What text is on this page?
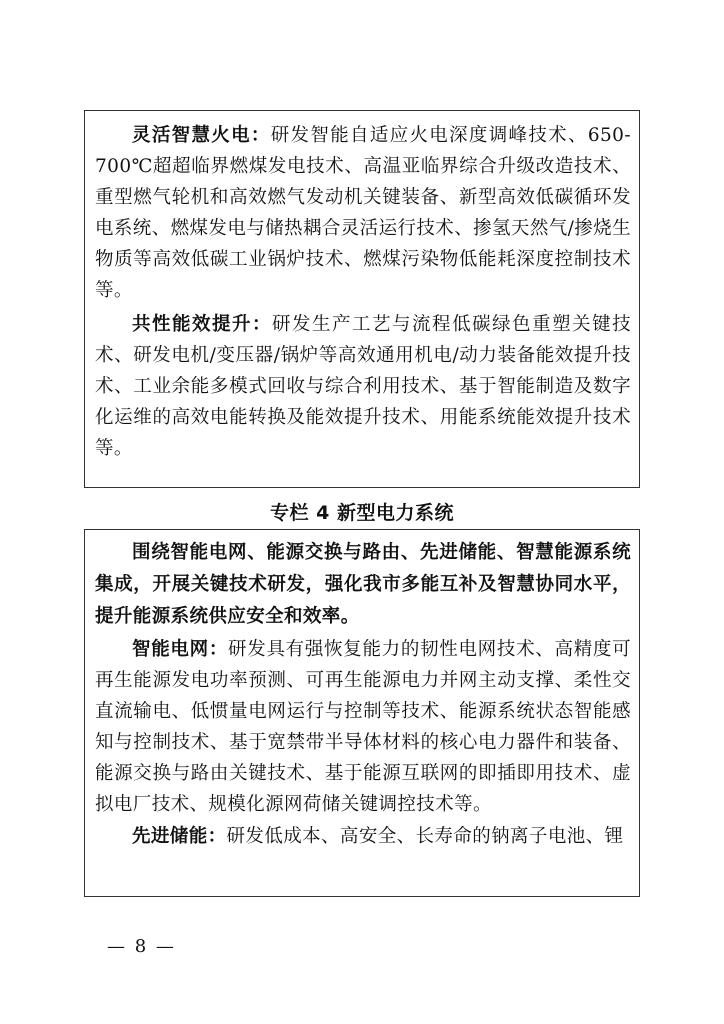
灵活智慧火电：研发智能自适应火电深度调峰技术、650-700℃超超临界燃煤发电技术、高温亚临界综合升级改造技术、重型燃气轮机和高效燃气发动机关键装备、新型高效低碳循环发电系统、燃煤发电与储热耦合灵活运行技术、掺氢天然气/掺烧生物质等高效低碳工业锅炉技术、燃煤污染物低能耗深度控制技术等。

共性能效提升：研发生产工艺与流程低碳绿色重塑关键技术、研发电机/变压器/锅炉等高效通用机电/动力装备能效提升技术、工业余能多模式回收与综合利用技术、基于智能制造及数字化运维的高效电能转换及能效提升技术、用能系统能效提升技术等。

专栏 4 新型电力系统

围绕智能电网、能源交换与路由、先进储能、智慧能源系统集成，开展关键技术研发，强化我市多能互补及智慧协同水平，提升能源系统供应安全和效率。

智能电网：研发具有强恢复能力的韧性电网技术、高精度可再生能源发电功率预测、可再生能源电力并网主动支撑、柔性交直流输电、低惯量电网运行与控制等技术、能源系统状态智能感知与控制技术、基于宽禁带半导体材料的核心电力器件和装备、能源交换与路由关键技术、基于能源互联网的即插即用技术、虚拟电厂技术、规模化源网荷储关键调控技术等。

先进储能：研发低成本、高安全、长寿命的钠离子电池、锂

— 8 —
